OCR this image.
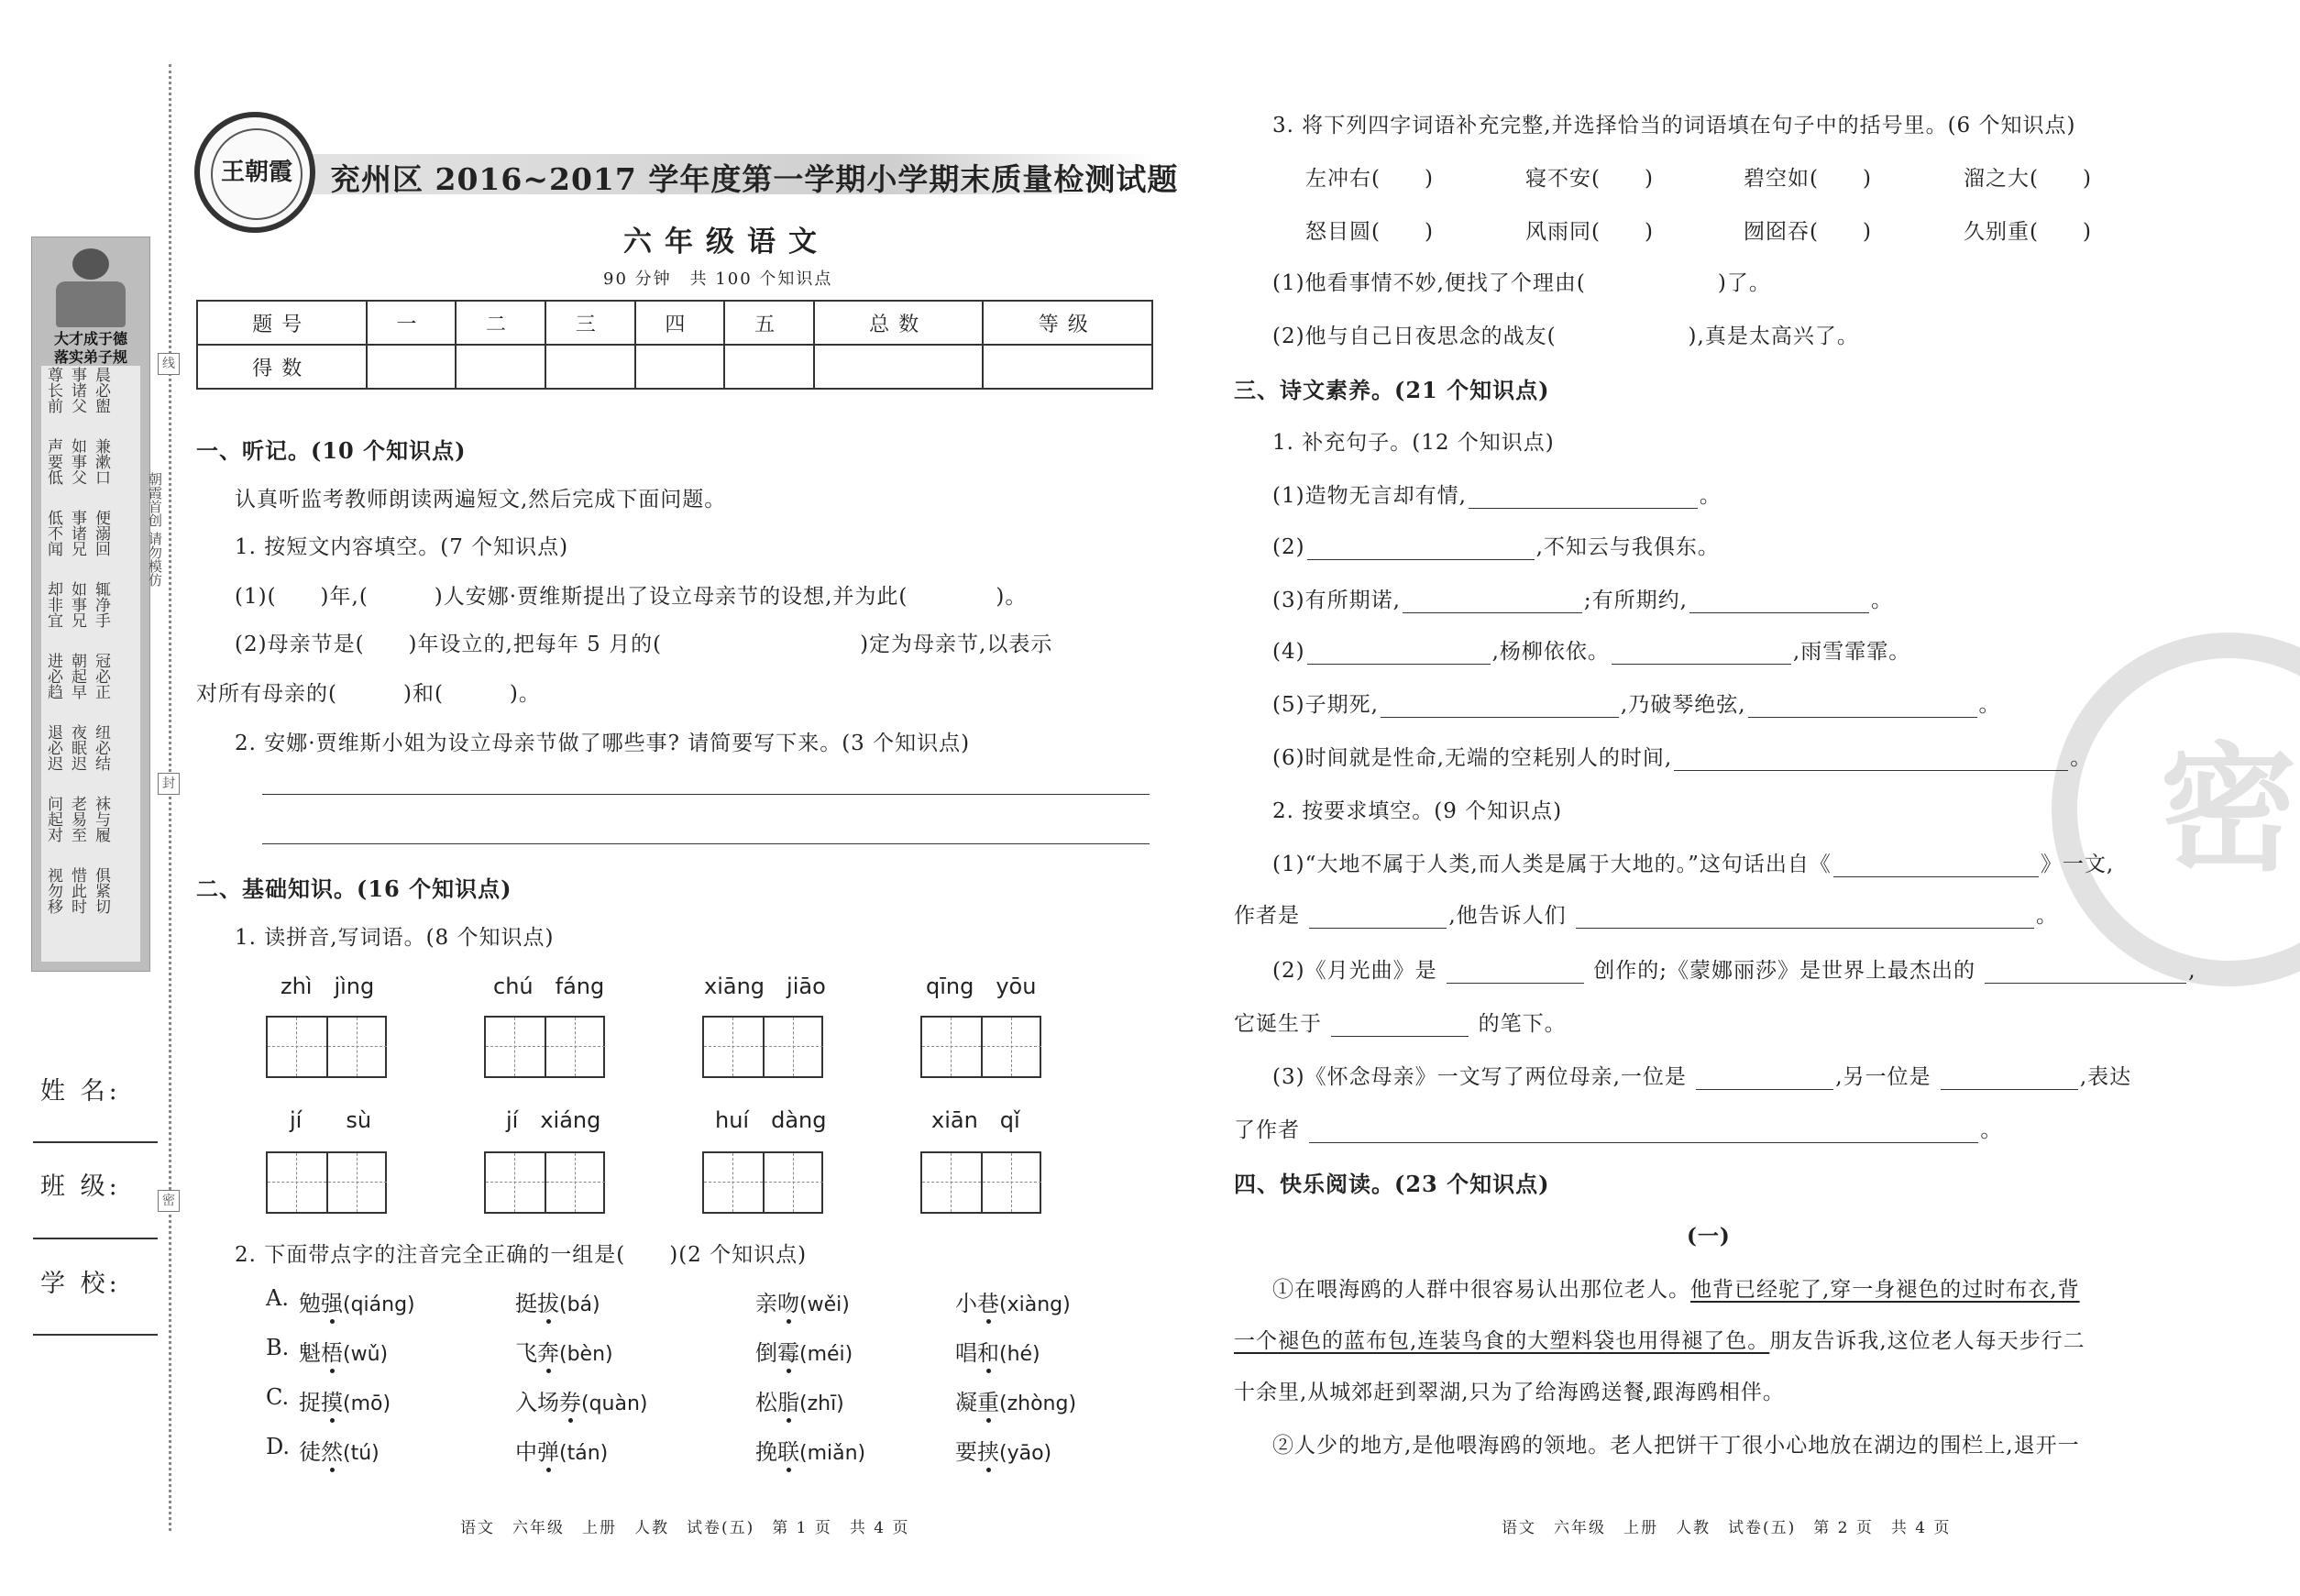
大才成于德
落实弟子规
晨必盥
兼漱口
便溺回
辄净手
冠必正
纽必结
袜与履
俱紧切
事诸父
如事父
事诸兄
如事兄
朝起早
夜眠迟
老易至
惜此时
尊长前
声要低
低不闻
却非宜
进必趋
退必迟
问起对
视勿移
朝霞首创 请勿模仿
线
封
密
姓 名:
班 级:
学 校:
王朝霞	兖州区 2016~2017 学年度第一学期小学期末质量检测试题
六年级语文
90 分钟　共 100 个知识点
题号	一	二	三	四	五	总数	等级
得数							
一、听记。(10 个知识点)
认真听监考教师朗读两遍短文,然后完成下面问题。
1. 按短文内容填空。(7 个知识点)
(1)(　　)年,(　　　)人安娜·贾维斯提出了设立母亲节的设想,并为此(　　　　)。
(2)母亲节是(　　)年设立的,把每年 5 月的(　　　　　　　　　)定为母亲节,以表示
对所有母亲的(　　　)和(　　　)。
2. 安娜·贾维斯小姐为设立母亲节做了哪些事? 请简要写下来。(3 个知识点)
二、基础知识。(16 个知识点)
1. 读拼音,写词语。(8 个知识点)
zhì　jìng	chú　fáng	xiāng　jiāo	qīng　yōu
jí　　sù	jí　xiáng	huí　dàng	xiān　qǐ
2. 下面带点字的注音完全正确的一组是(　　)(2 个知识点)
A. 勉强(qiáng)	挺拔(bá)	亲吻(wěi)	小巷(xiàng)
B. 魁梧(wǔ)	飞奔(bèn)	倒霉(méi)	唱和(hé)
C. 捉摸(mō)	入场券(quàn)	松脂(zhī)	凝重(zhòng)
D. 徒然(tú)	中弹(tán)	挽联(miǎn)	要挟(yāo)
语文　六年级　上册　人教　试卷(五)　第 1 页　共 4 页
密
3. 将下列四字词语补充完整,并选择恰当的词语填在句子中的括号里。(6 个知识点)
左冲右(　　)	寝不安(　　)	碧空如(　　)	溜之大(　　)
怒目圆(　　)	风雨同(　　)	囫囵吞(　　)	久别重(　　)
(1)他看事情不妙,便找了个理由(　　　　　　)了。
(2)他与自己日夜思念的战友(　　　　　　),真是太高兴了。
三、诗文素养。(21 个知识点)
1. 补充句子。(12 个知识点)
(1)造物无言却有情,	。
(2)	,不知云与我俱东。
(3)有所期诺,	;有所期约,	。
(4)	,杨柳依依。	,雨雪霏霏。
(5)子期死,	,乃破琴绝弦,	。
(6)时间就是性命,无端的空耗别人的时间,	。
2. 按要求填空。(9 个知识点)
(1)“大地不属于人类,而人类是属于大地的。”这句话出自《	》一文,
作者是	,他告诉人们	。
(2)《月光曲》是	创作的;《蒙娜丽莎》是世界上最杰出的	,
它诞生于	的笔下。
(3)《怀念母亲》一文写了两位母亲,一位是	,另一位是	,表达
了作者	。
四、快乐阅读。(23 个知识点)
(一)
①在喂海鸥的人群中很容易认出那位老人。他背已经驼了,穿一身褪色的过时布衣,背
一个褪色的蓝布包,连装鸟食的大塑料袋也用得褪了色。朋友告诉我,这位老人每天步行二
十余里,从城郊赶到翠湖,只为了给海鸥送餐,跟海鸥相伴。
②人少的地方,是他喂海鸥的领地。老人把饼干丁很小心地放在湖边的围栏上,退开一
语文　六年级　上册　人教　试卷(五)　第 2 页　共 4 页
